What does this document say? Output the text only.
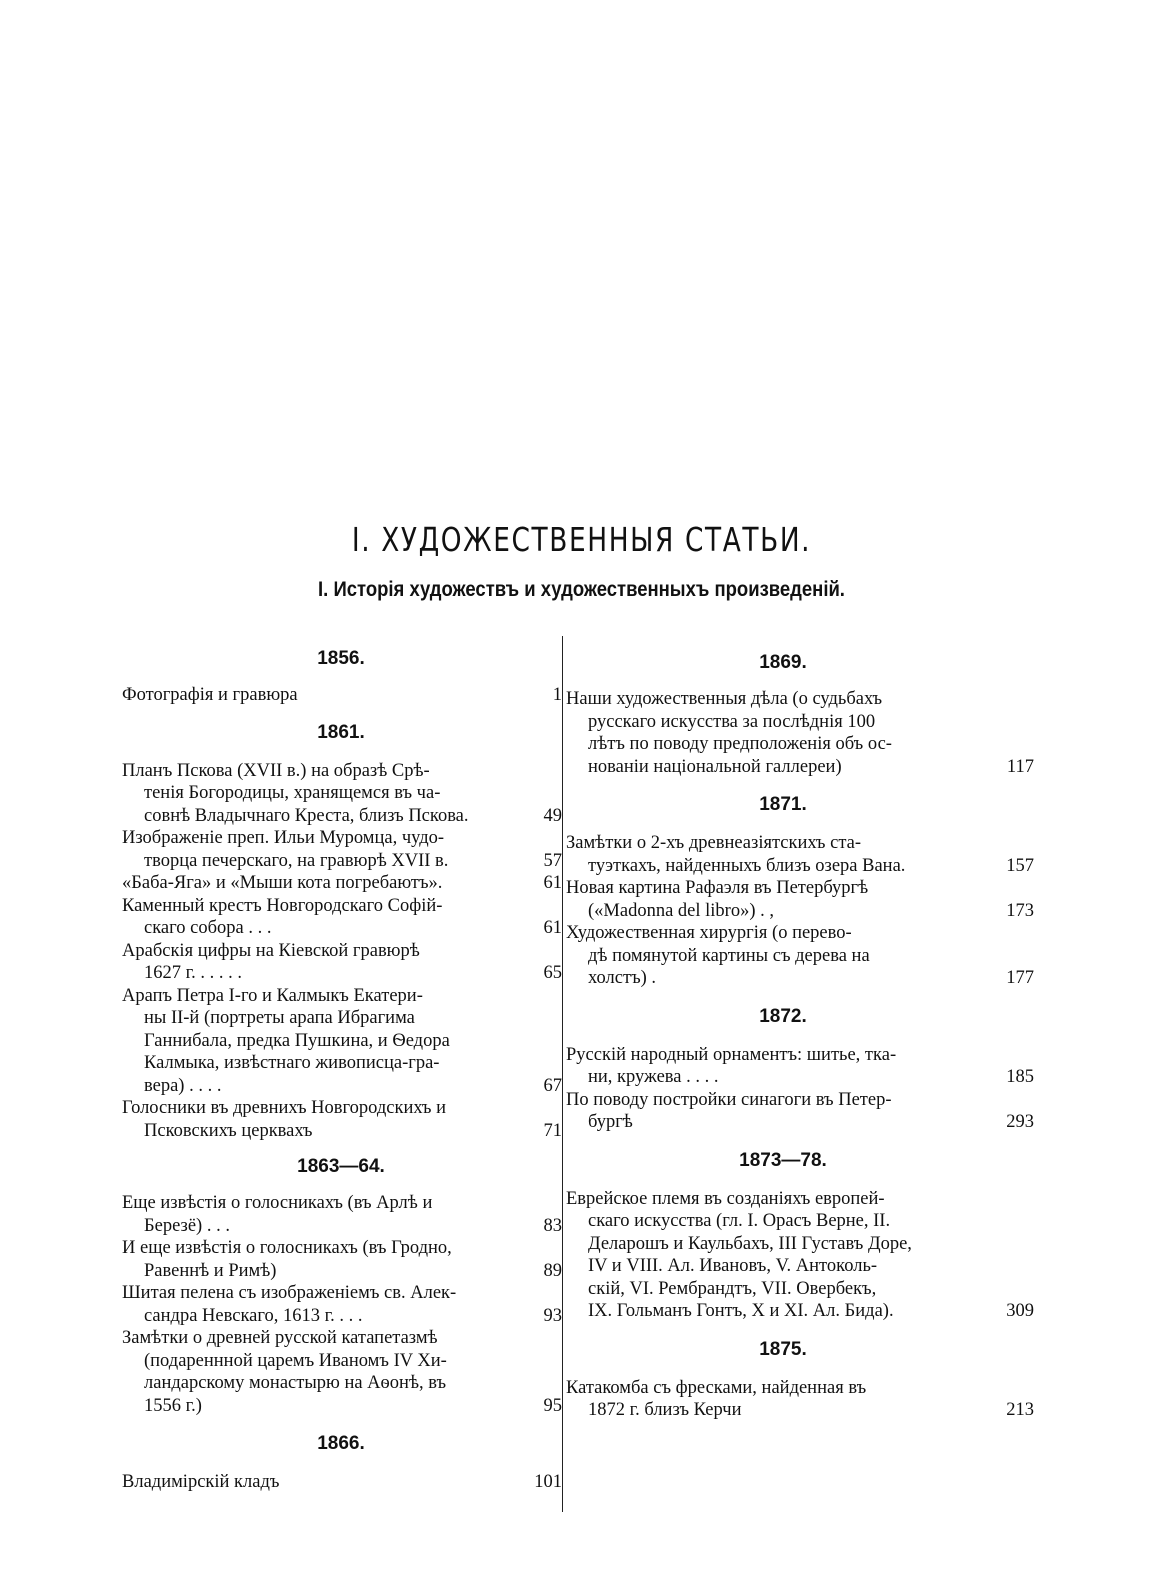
I. ХУДОЖЕСТВЕННЫЯ СТАТЬИ.
I. Исторія художествъ и художественныхъ произведеній.
1856.
Фотографія и гравюра	1
1861.
Планъ Пскова (XVII в.) на образѣ Срѣ-
тенія Богородицы, хранящемся въ ча-
совнѣ Владычнаго Креста, близъ Пскова.	49
Изображеніе преп. Ильи Муромца, чудо-
творца печерскаго, на гравюрѣ XVII в.	57
«Баба-Яга» и «Мыши кота погребаютъ».	61
Каменный крестъ Новгородскаго Софій-
скаго собора . . .	61
Арабскія цифры на Кіевской гравюрѣ
1627 г. . . . . .	65
Арапъ Петра I-го и Калмыкъ Екатери-
ны II-й (портреты арапа Ибрагима
Ганнибала, предка Пушкина, и Ѳедора
Калмыка, извѣстнаго живописца-гра-
вера) . . . .	67
Голосники въ древнихъ Новгородскихъ и
Псковскихъ церквахъ	71
1863—64.
Еще извѣстія о голосникахъ (въ Арлѣ и
Березё) . . .	83
И еще извѣстія о голосникахъ (въ Гродно,
Равеннѣ и Римѣ)	89
Шитая пелена съ изображеніемъ св. Алек-
сандра Невскаго, 1613 г. . . .	93
Замѣтки о древней русской катапетазмѣ
(подареннной царемъ Иваномъ IV Хи-
ландарскому монастырю на Аѳонѣ, въ
1556 г.)	95
1866.
Владимірскій кладъ	101
1869.
Наши художественныя дѣла (о судьбахъ
русскаго искусства за послѣднія 100
лѣтъ по поводу предположенія объ ос-
нованіи національной галлереи)	117
1871.
Замѣтки о 2-хъ древнеазіятскихъ ста-
туэткахъ, найденныхъ близъ озера Вана.	157
Новая картина Рафаэля въ Петербургѣ
(«Madonna del libro») . ,	173
Художественная хирургія (о перево-
дѣ помянутой картины съ дерева на
холстъ) .	177
1872.
Русскій народный орнаментъ: шитье, тка-
ни, кружева . . . .	185
По поводу постройки синагоги въ Петер-
бургѣ	293
1873—78.
Еврейское племя въ созданіяхъ европей-
скаго искусства (гл. I. Орасъ Верне, II.
Деларошъ и Каульбахъ, III Густавъ Доре,
IV и VIII. Ал. Ивановъ, V. Антоколь-
скій, VI. Рембрандтъ, VII. Овербекъ,
IX. Гольманъ Гонтъ, X и XI. Ал. Бида).	309
1875.
Катакомба съ фресками, найденная въ
1872 г. близъ Керчи	213
